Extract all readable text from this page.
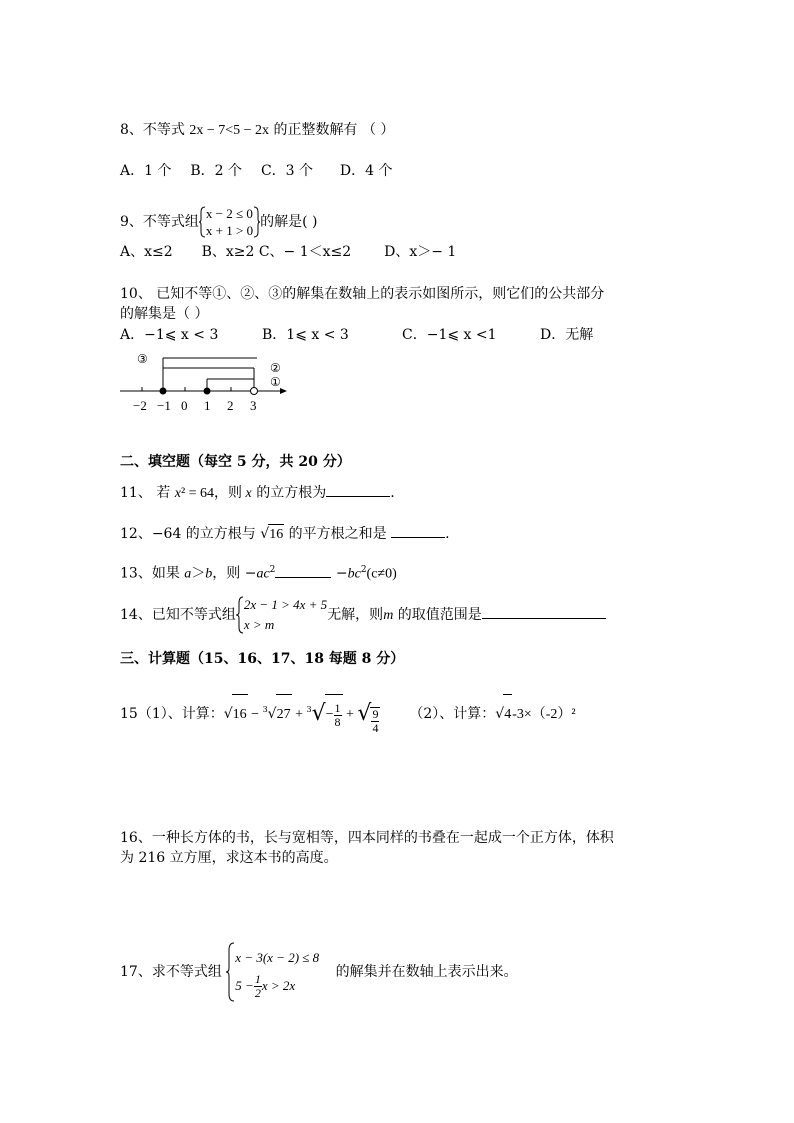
8、不等式 2x − 7<5 − 2x 的正整数解有 （ ）
A．1 个 B．2 个 C．3 个 D．4 个
9、不等式组
x − 2 ≤ 0
x + 1 > 0
的解是( )
A、x≤2 B、x≥2 C、− 1＜x≤2 D、x＞− 1
10、 已知不等①、②、③的解集在数轴上的表示如图所示，则它们的公共部分
的解集是（ ）
A．−1⩽ x < 3	B．1⩽ x < 3	C．−1⩽ x <1	D．无解
③
②
①
−2 −1 0 1 2 3
二、填空题（每空 5 分，共 20 分）
11、 若 x² = 64，则 x 的立方根为	.
12、−64 的立方根与 √16 的平方根之和是	.
13、如果 a＞b，则 $-ac^2$	$-bc^2(c\ne 0)$
14、已知不等式组
2x − 1 > 4x + 5
x > m
无解，则m 的取值范围是
三、计算题（15、16、17、18 每题 8 分）
15（1）、计算：$√16 - ^3√27 + ^3√ - \frac{1}{8}$ + √ $\frac{9}{4} (2)$、计算：√4-3×（-2）²
16、一种长方体的书，长与宽相等，四本同样的书叠在一起成一个正方体，体积
为 216 立方厘，求这本书的高度。
17、求不等式组
x − 3(x − 2) ≤ 8
$5 - \frac{1}{2}$ x > 2x
的解集并在数轴上表示出来。
